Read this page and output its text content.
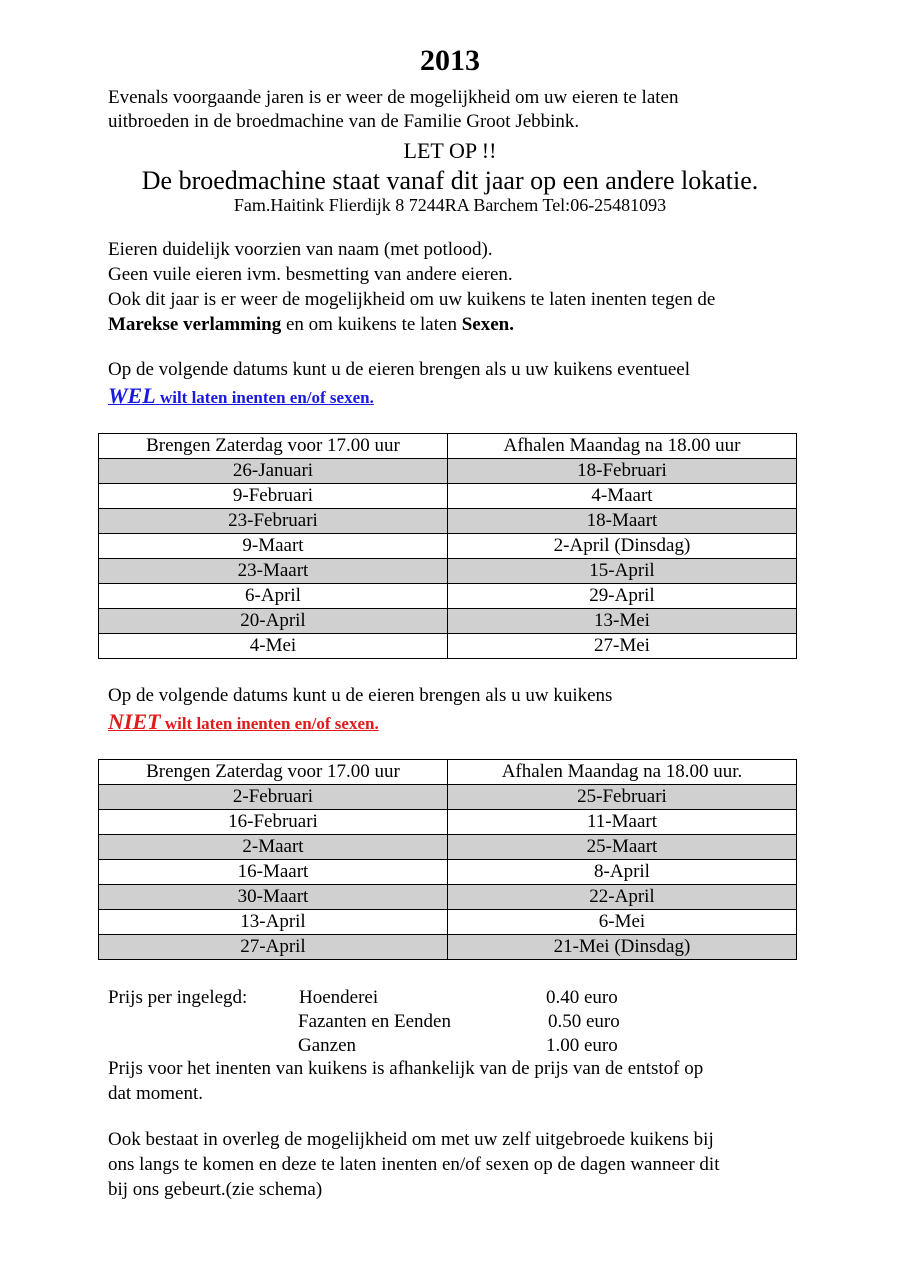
2013
Evenals voorgaande jaren is er weer de mogelijkheid om uw eieren te laten
uitbroeden in de broedmachine van de Familie Groot Jebbink.
LET OP !!
De broedmachine staat vanaf dit jaar op een andere lokatie.
Fam.Haitink Flierdijk 8 7244RA Barchem Tel:06-25481093
Eieren duidelijk voorzien van naam (met potlood).
Geen vuile eieren ivm. besmetting van andere eieren.
Ook dit jaar is er weer de mogelijkheid om uw kuikens te laten inenten tegen de
Marekse verlamming en om kuikens te laten Sexen.
Op de volgende datums kunt u de eieren brengen als u uw kuikens eventueel
WEL wilt laten inenten en/of sexen.
Brengen Zaterdag voor 17.00 uur	Afhalen Maandag na 18.00 uur
26-Januari	18-Februari
9-Februari	4-Maart
23-Februari	18-Maart
9-Maart	2-April (Dinsdag)
23-Maart	15-April
6-April	29-April
20-April	13-Mei
4-Mei	27-Mei
Op de volgende datums kunt u de eieren brengen als u uw kuikens
NIET wilt laten inenten en/of sexen.
Brengen Zaterdag voor 17.00 uur	Afhalen Maandag na 18.00 uur.
2-Februari	25-Februari
16-Februari	11-Maart
2-Maart	25-Maart
16-Maart	8-April
30-Maart	22-April
13-April	6-Mei
27-April	21-Mei (Dinsdag)
Prijs per ingelegd:	Hoenderei	0.40 euro
Fazanten en Eenden	0.50 euro
Ganzen	1.00 euro
Prijs voor het inenten van kuikens is afhankelijk van de prijs van de entstof op
dat moment.
Ook bestaat in overleg de mogelijkheid om met uw zelf uitgebroede kuikens bij
ons langs te komen en deze te laten inenten en/of sexen op de dagen wanneer dit
bij ons gebeurt.(zie schema)
